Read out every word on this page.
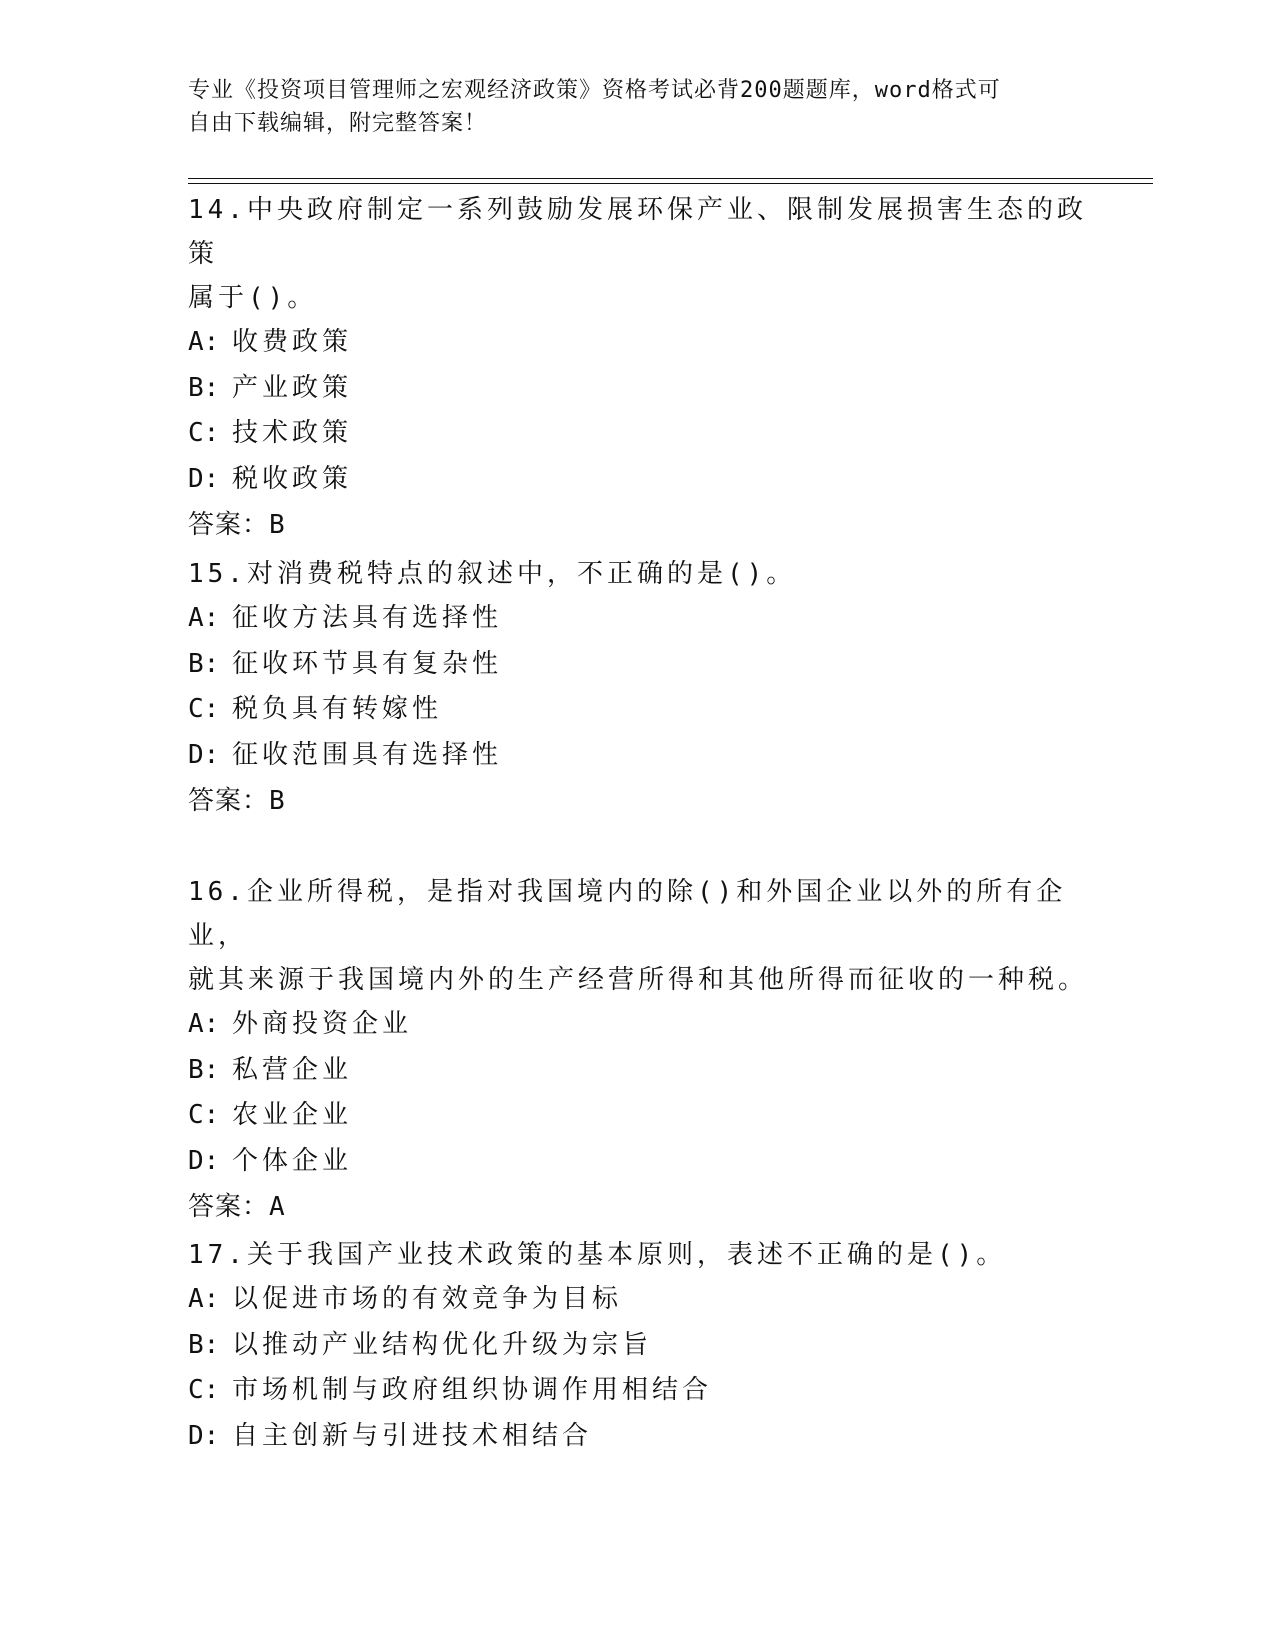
专业《投资项目管理师之宏观经济政策》资格考试必背200题题库，word格式可
自由下载编辑，附完整答案！

14.中央政府制定一系列鼓励发展环保产业、限制发展损害生态的政策

属于()。

A: 收费政策

B: 产业政策

C: 技术政策

D: 税收政策

答案：B

15.对消费税特点的叙述中，不正确的是()。

A: 征收方法具有选择性

B: 征收环节具有复杂性

C: 税负具有转嫁性

D: 征收范围具有选择性

答案：B

16.企业所得税，是指对我国境内的除()和外国企业以外的所有企业，

就其来源于我国境内外的生产经营所得和其他所得而征收的一种税。

A: 外商投资企业

B: 私营企业

C: 农业企业

D: 个体企业

答案：A

17.关于我国产业技术政策的基本原则，表述不正确的是()。

A: 以促进市场的有效竞争为目标

B: 以推动产业结构优化升级为宗旨

C: 市场机制与政府组织协调作用相结合

D: 自主创新与引进技术相结合
